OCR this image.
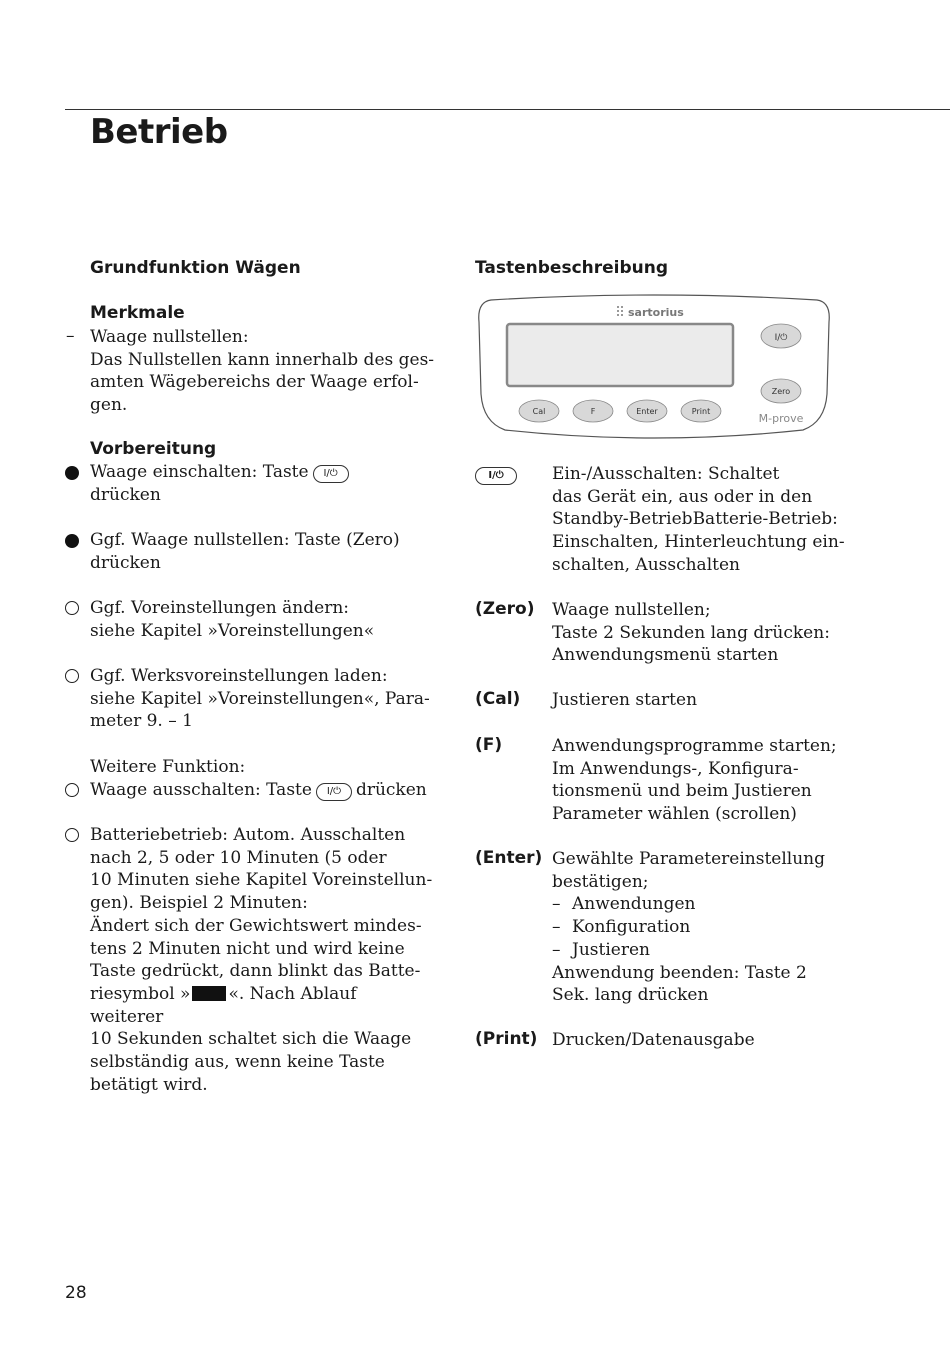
Betrieb
Grundfunktion Wägen
Merkmale
– Waage nullstellen:
Das Nullstellen kann innerhalb des ges-
amten Wägebereichs der Waage erfol-
gen.
Vorbereitung
Waage einschalten: Taste I/⏻
drücken
Ggf. Waage nullstellen: Taste (Zero)
drücken
Ggf. Voreinstellungen ändern:
siehe Kapitel »Voreinstellungen«
Ggf. Werksvoreinstellungen laden:
siehe Kapitel »Voreinstellungen«, Para-
meter 9. – 1
Weitere Funktion:
Waage ausschalten: Taste I/⏻ drücken
Batteriebetrieb: Autom. Ausschalten
nach 2, 5 oder 10 Minuten (5 oder
10 Minuten siehe Kapitel Voreinstellun-
gen). Beispiel 2 Minuten:
Ändert sich der Gewichtswert mindes-
tens 2 Minuten nicht und wird keine
Taste gedrückt, dann blinkt das Batte-
riesymbol » «. Nach Ablauf weiterer
10 Sekunden schaltet sich die Waage
selbständig aus, wenn keine Taste
betätigt wird.
Tastenbeschreibung
sartorius
I/⏻
Zero
M-prove
Cal	F	Enter	Print
I/⏻	Ein-/Ausschalten: Schaltet
das Gerät ein, aus oder in den
Standby-BetriebBatterie-Betrieb:
Einschalten, Hinterleuchtung ein-
schalten, Ausschalten
(Zero) Waage nullstellen;
Taste 2 Sekunden lang drücken:
Anwendungsmenü starten
(Cal) Justieren starten
(F)	Anwendungsprogramme starten;
Im Anwendungs-, Konfigura-
tionsmenü und beim Justieren
Parameter wählen (scrollen)
(Enter) Gewählte Parametereinstellung
bestätigen;
– Anwendungen
– Konfiguration
– Justieren
Anwendung beenden: Taste 2
Sek. lang drücken
(Print) Drucken/Datenausgabe
28
